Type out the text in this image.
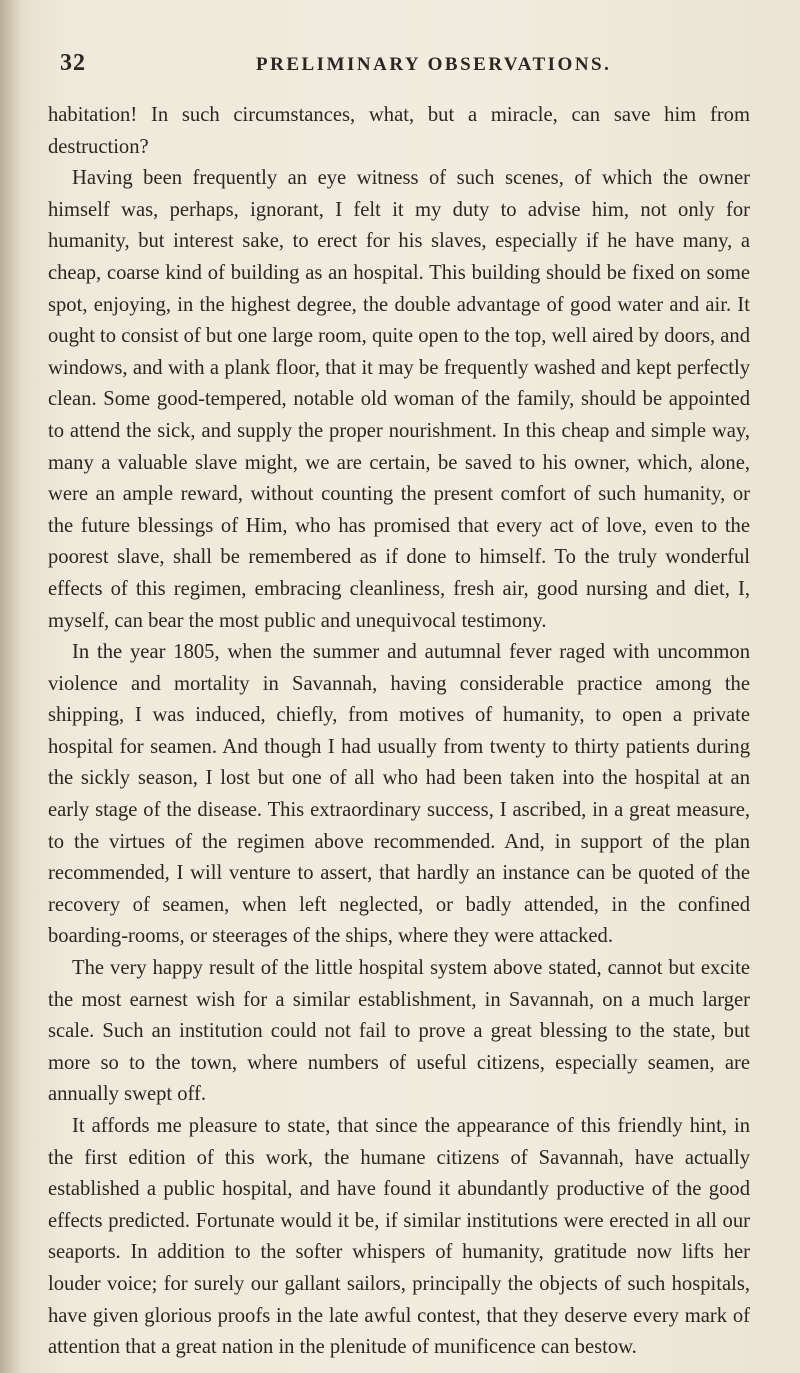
32	PRELIMINARY OBSERVATIONS.

habitation! In such circumstances, what, but a miracle, can save him from destruction?

Having been frequently an eye witness of such scenes, of which the owner himself was, perhaps, ignorant, I felt it my duty to advise him, not only for humanity, but interest sake, to erect for his slaves, especially if he have many, a cheap, coarse kind of building as an hospital. This building should be fixed on some spot, enjoying, in the highest degree, the double advantage of good water and air. It ought to consist of but one large room, quite open to the top, well aired by doors, and windows, and with a plank floor, that it may be frequently washed and kept perfectly clean. Some good-tempered, notable old woman of the family, should be appointed to attend the sick, and supply the proper nourishment. In this cheap and simple way, many a valuable slave might, we are certain, be saved to his owner, which, alone, were an ample reward, without counting the present comfort of such humanity, or the future blessings of Him, who has promised that every act of love, even to the poorest slave, shall be remembered as if done to himself. To the truly wonderful effects of this regimen, embracing cleanliness, fresh air, good nursing and diet, I, myself, can bear the most public and unequivocal testimony.

In the year 1805, when the summer and autumnal fever raged with uncommon violence and mortality in Savannah, having considerable practice among the shipping, I was induced, chiefly, from motives of humanity, to open a private hospital for seamen. And though I had usually from twenty to thirty patients during the sickly season, I lost but one of all who had been taken into the hospital at an early stage of the disease. This extraordinary success, I ascribed, in a great measure, to the virtues of the regimen above recommended. And, in support of the plan recommended, I will venture to assert, that hardly an instance can be quoted of the recovery of seamen, when left neglected, or badly attended, in the confined boarding-rooms, or steerages of the ships, where they were attacked.

The very happy result of the little hospital system above stated, cannot but excite the most earnest wish for a similar establishment, in Savannah, on a much larger scale. Such an institution could not fail to prove a great blessing to the state, but more so to the town, where numbers of useful citizens, especially seamen, are annually swept off.

It affords me pleasure to state, that since the appearance of this friendly hint, in the first edition of this work, the humane citizens of Savannah, have actually established a public hospital, and have found it abundantly productive of the good effects predicted. Fortunate would it be, if similar institutions were erected in all our seaports. In addition to the softer whispers of humanity, gratitude now lifts her louder voice; for surely our gallant sailors, principally the objects of such hospitals, have given glorious proofs in the late awful contest, that they deserve every mark of attention that a great nation in the plenitude of munificence can bestow.
